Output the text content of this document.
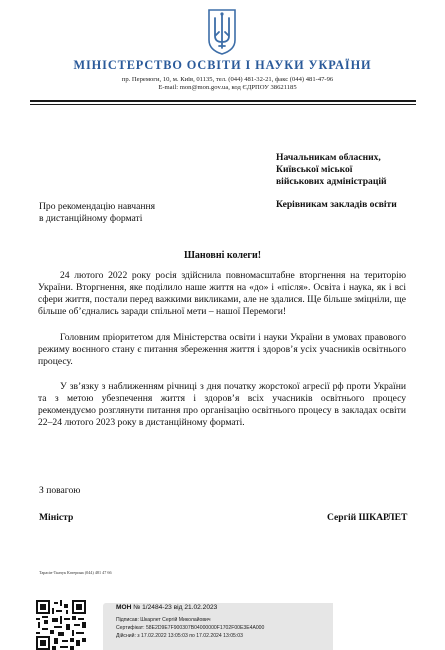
МІНІСТЕРСТВО ОСВІТИ І НАУКИ УКРАЇНИ
пр. Перемоги, 10, м. Київ, 01135, тел. (044) 481-32-21, факс (044) 481-47-96
E-mail: mon@mon.gov.ua, код ЄДРПОУ 38621185
Начальникам обласних,
Київської міської
військових адміністрацій
Керівникам закладів освіти
Про рекомендацію навчання
в дистанційному форматі
Шановні колеги!
24 лютого 2022 року росія здійснила повномасштабне вторгнення на територію України. Вторгнення, яке поділило наше життя на «до» і «після». Освіта і наука, як і всі сфери життя, постали перед важкими викликами, але не здалися. Ще більше зміцніли, ще більше об’єднались заради спільної мети – нашої Перемоги!
Головним пріоритетом для Міністерства освіти і науки України в умовах правового режиму воєнного стану є питання збереження життя і здоров’я усіх учасників освітнього процесу.
У зв’язку з наближенням річниці з дня початку жорстокої агресії рф проти України та з метою убезпечення життя і здоров’я всіх учасників освітнього процесу рекомендуємо розглянути питання про організацію освітнього процесу в закладах освіти 22–24 лютого 2023 року в дистанційному форматі.
З повагою
Міністр	Сергій ШКАРЛЕТ
Тарасів-Ткачук Катерина (044) 481 47 66
МОН № 1/2484-23 від 21.02.2023
Підписав: Шкарлет Сергій Миколайович
Сертифікат: 58E2D9E7F900307B04000000F1702F00E3E4A000
Дійсний: з 17.02.2022 13:05:03 по 17.02.2024 13:05:03
